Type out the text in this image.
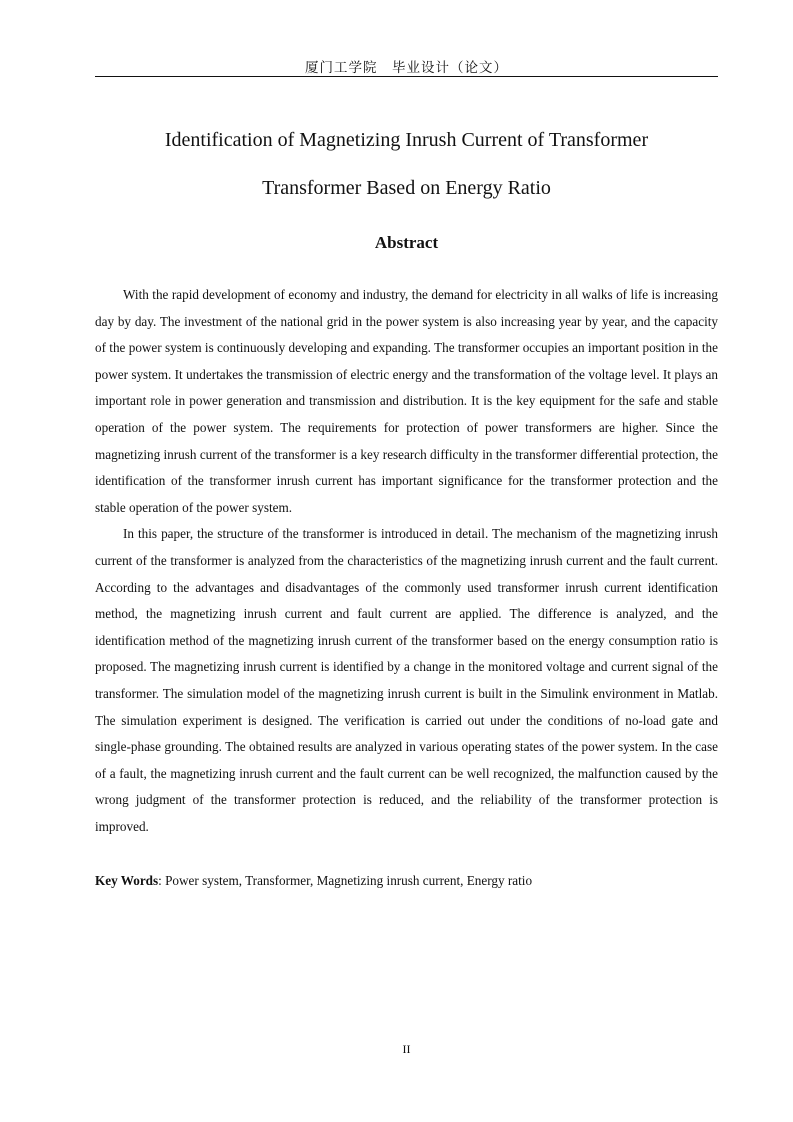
厦门工学院　毕业设计（论文）
Identification of Magnetizing Inrush Current of Transformer
Transformer Based on Energy Ratio
Abstract

With the rapid development of economy and industry, the demand for electricity in all walks of life is increasing day by day. The investment of the national grid in the power system is also increasing year by year, and the capacity of the power system is continuously developing and expanding. The transformer occupies an important position in the power system. It undertakes the transmission of electric energy and the transformation of the voltage level. It plays an important role in power generation and transmission and distribution. It is the key equipment for the safe and stable operation of the power system. The requirements for protection of power transformers are higher. Since the magnetizing inrush current of the transformer is a key research difficulty in the transformer differential protection, the identification of the transformer inrush current has important significance for the transformer protection and the stable operation of the power system.

In this paper, the structure of the transformer is introduced in detail. The mechanism of the magnetizing inrush current of the transformer is analyzed from the characteristics of the magnetizing inrush current and the fault current. According to the advantages and disadvantages of the commonly used transformer inrush current identification method, the magnetizing inrush current and fault current are applied. The difference is analyzed, and the identification method of the magnetizing inrush current of the transformer based on the energy consumption ratio is proposed. The magnetizing inrush current is identified by a change in the monitored voltage and current signal of the transformer. The simulation model of the magnetizing inrush current is built in the Simulink environment in Matlab. The simulation experiment is designed. The verification is carried out under the conditions of no-load gate and single-phase grounding. The obtained results are analyzed in various operating states of the power system. In the case of a fault, the magnetizing inrush current and the fault current can be well recognized, the malfunction caused by the wrong judgment of the transformer protection is reduced, and the reliability of the transformer protection is improved.

Key Words: Power system, Transformer, Magnetizing inrush current, Energy ratio
II
